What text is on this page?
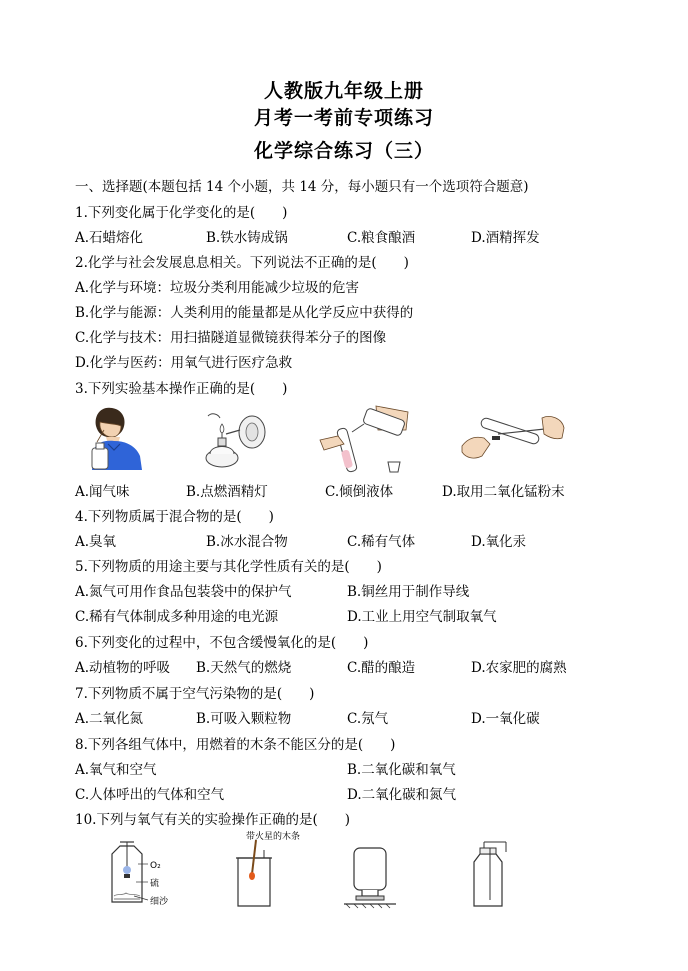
人教版九年级上册
月考一考前专项练习
化学综合练习（三）
一、选择题(本题包括 14 个小题，共 14 分，每小题只有一个选项符合题意)
1.下列变化属于化学变化的是(　　)
A.石蜡熔化	B.铁水铸成锅	C.粮食酿酒	D.酒精挥发
2.化学与社会发展息息相关。下列说法不正确的是(　　)
A.化学与环境：垃圾分类利用能减少垃圾的危害
B.化学与能源：人类利用的能量都是从化学反应中获得的
C.化学与技术：用扫描隧道显微镜获得苯分子的图像
D.化学与医药：用氧气进行医疗急救
3.下列实验基本操作正确的是(　　)
A.闻气味	B.点燃酒精灯	C.倾倒液体	D.取用二氧化锰粉末
4.下列物质属于混合物的是(　　)
A.臭氧	B.冰水混合物	C.稀有气体	D.氧化汞
5.下列物质的用途主要与其化学性质有关的是(　　)
A.氮气可用作食品包装袋中的保护气	B.铜丝用于制作导线
C.稀有气体制成多种用途的电光源	D.工业上用空气制取氧气
6.下列变化的过程中，不包含缓慢氧化的是(　　)
A.动植物的呼吸 B.天然气的燃烧	C.醋的酿造	D.农家肥的腐熟
7.下列物质不属于空气污染物的是(　　)
A.二氧化氮	B.可吸入颗粒物	C.氖气	D.一氧化碳
8.下列各组气体中，用燃着的木条不能区分的是(　　)
A.氧气和空气	B.二氧化碳和氧气
C.人体呼出的气体和空气	D.二氧化碳和氮气
10.下列与氧气有关的实验操作正确的是(　　)
带火星的木条
O₂
硫
细沙
